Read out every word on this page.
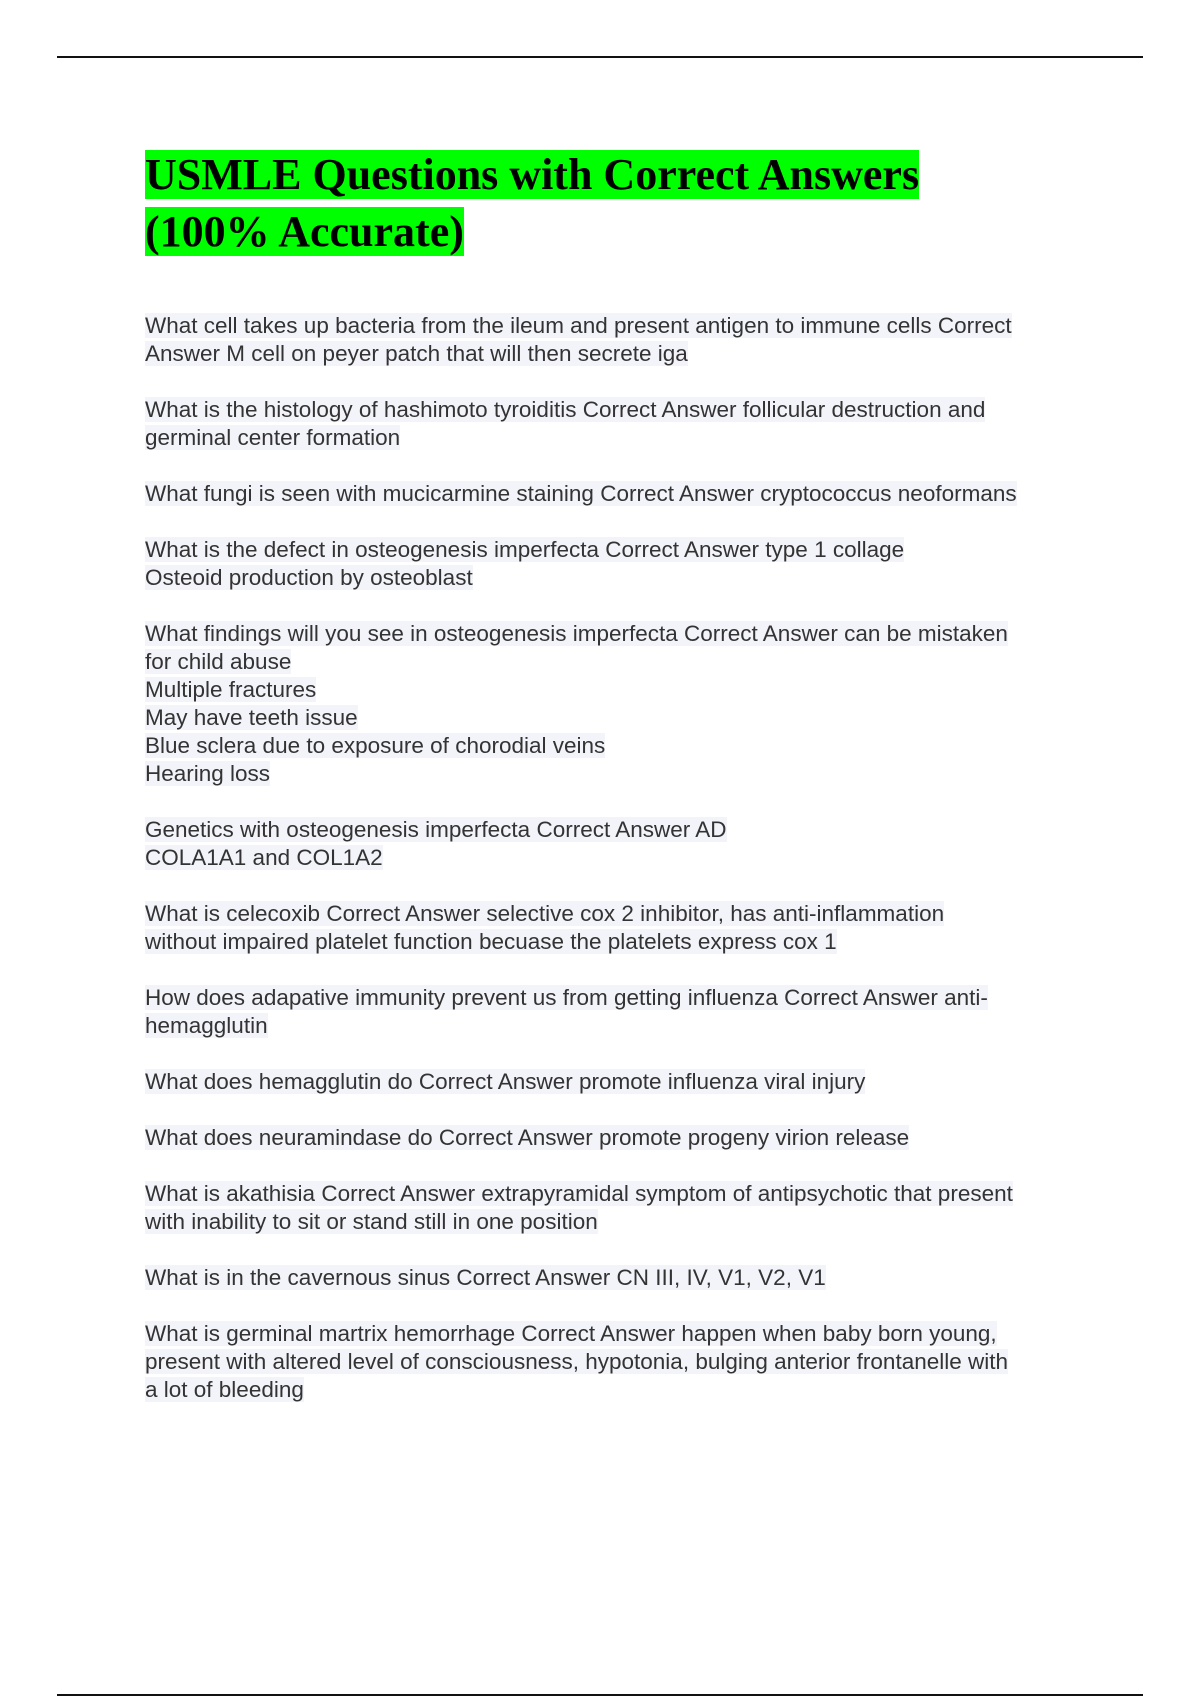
USMLE Questions with Correct Answers
(100% Accurate)
What cell takes up bacteria from the ileum and present antigen to immune cells Correct
Answer M cell on peyer patch that will then secrete iga
What is the histology of hashimoto tyroiditis Correct Answer follicular destruction and
germinal center formation
What fungi is seen with mucicarmine staining Correct Answer cryptococcus neoformans
What is the defect in osteogenesis imperfecta Correct Answer type 1 collage
Osteoid production by osteoblast
What findings will you see in osteogenesis imperfecta Correct Answer can be mistaken
for child abuse
Multiple fractures
May have teeth issue
Blue sclera due to exposure of chorodial veins
Hearing loss
Genetics with osteogenesis imperfecta Correct Answer AD
COLA1A1 and COL1A2
What is celecoxib Correct Answer selective cox 2 inhibitor, has anti-inflammation
without impaired platelet function becuase the platelets express cox 1
How does adapative immunity prevent us from getting influenza Correct Answer anti-
hemagglutin
What does hemagglutin do Correct Answer promote influenza viral injury
What does neuramindase do Correct Answer promote progeny virion release
What is akathisia Correct Answer extrapyramidal symptom of antipsychotic that present
with inability to sit or stand still in one position
What is in the cavernous sinus Correct Answer CN III, IV, V1, V2, V1
What is germinal martrix hemorrhage Correct Answer happen when baby born young,
present with altered level of consciousness, hypotonia, bulging anterior frontanelle with
a lot of bleeding
